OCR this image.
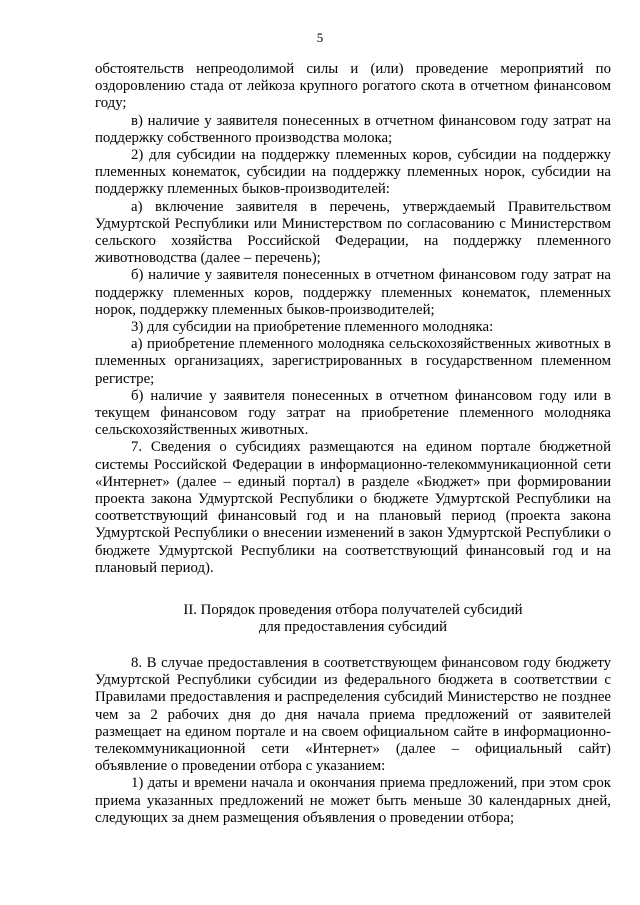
5

обстоятельств непреодолимой силы и (или) проведение мероприятий по оздоровлению стада от лейкоза крупного рогатого скота в отчетном финансовом году;

в) наличие у заявителя понесенных в отчетном финансовом году затрат на поддержку собственного производства молока;

2) для субсидии на поддержку племенных коров, субсидии на поддержку племенных конематок, субсидии на поддержку племенных норок, субсидии на поддержку племенных быков-производителей:

а) включение заявителя в перечень, утверждаемый Правительством Удмуртской Республики или Министерством по согласованию с Министерством сельского хозяйства Российской Федерации, на поддержку племенного животноводства (далее – перечень);

б) наличие у заявителя понесенных в отчетном финансовом году затрат на поддержку племенных коров, поддержку племенных конематок, племенных норок, поддержку племенных быков-производителей;

3) для субсидии на приобретение племенного молодняка:

а) приобретение племенного молодняка сельскохозяйственных животных в племенных организациях, зарегистрированных в государственном племенном регистре;

б) наличие у заявителя понесенных в отчетном финансовом году или в текущем финансовом году затрат на приобретение племенного молодняка сельскохозяйственных животных.

7. Сведения о субсидиях размещаются на едином портале бюджетной системы Российской Федерации в информационно-телекоммуникационной сети «Интернет» (далее – единый портал) в разделе «Бюджет» при формировании проекта закона Удмуртской Республики о бюджете Удмуртской Республики на соответствующий финансовый год и на плановый период (проекта закона Удмуртской Республики о внесении изменений в закон Удмуртской Республики о бюджете Удмуртской Республики на соответствующий финансовый год и на плановый период).

II. Порядок проведения отбора получателей субсидий
для предоставления субсидий

8. В случае предоставления в соответствующем финансовом году бюджету Удмуртской Республики субсидии из федерального бюджета в соответствии с Правилами предоставления и распределения субсидий Министерство не позднее чем за 2 рабочих дня до дня начала приема предложений от заявителей размещает на едином портале и на своем официальном сайте в информационно-телекоммуникационной сети «Интернет» (далее – официальный сайт) объявление о проведении отбора с указанием:

1) даты и времени начала и окончания приема предложений, при этом срок приема указанных предложений не может быть меньше 30 календарных дней, следующих за днем размещения объявления о проведении отбора;
